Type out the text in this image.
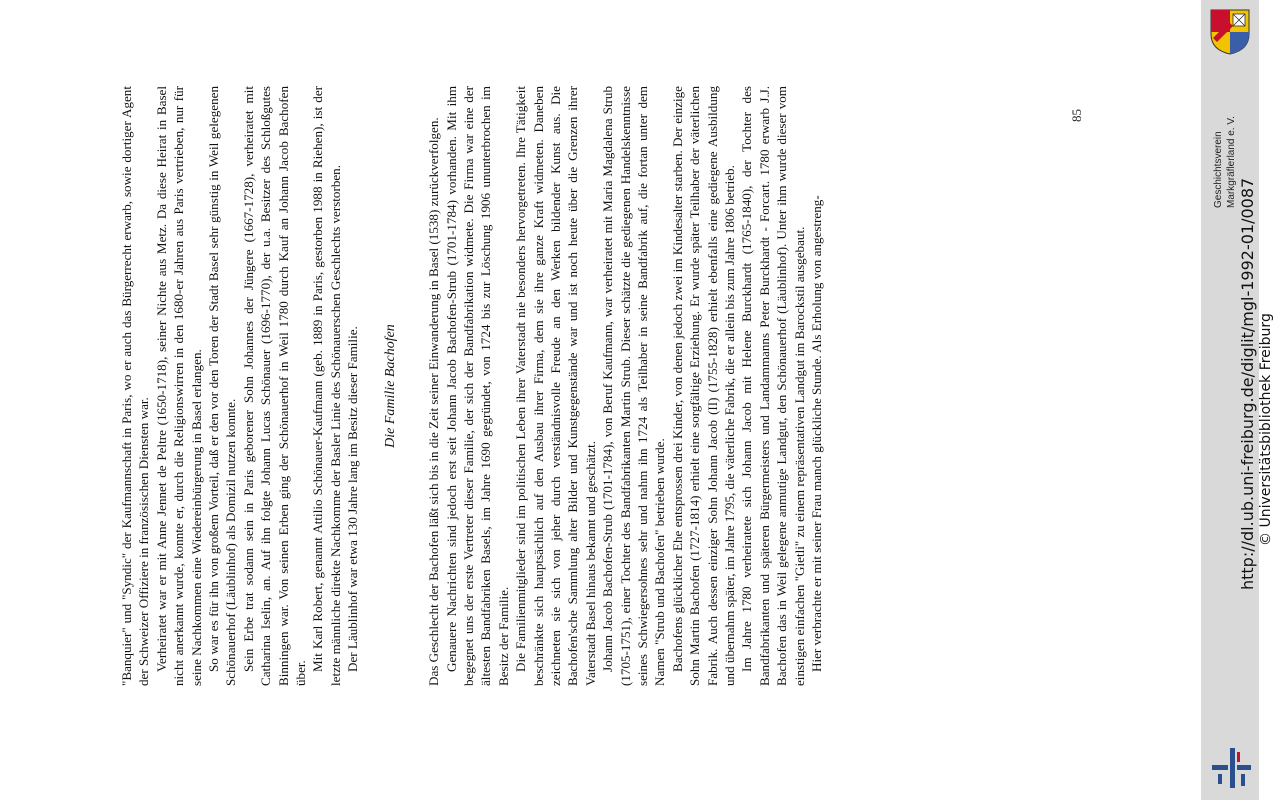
"Banquier" und "Syndic" der Kaufmannschaft in Paris, wo er auch das Bürgerrecht erwarb, sowie dortiger Agent der Schweizer Offiziere in französischen Diensten war. Verheiratet war er mit Anne Jennet de Peltre (1650-1718), seiner Nichte aus Metz. Da diese Heirat in Basel nicht anerkannt wurde, konnte er, durch die Religionswirren in den 1680-er Jahren aus Paris vertrieben, nur für seine Nachkommen eine Wiedereinbürgerung in Basel erlangen. So war es für ihn von großem Vorteil, daß er den vor den Toren der Stadt Basel sehr günstig in Weil gelegenen Schönauerhof (Läublinhof) als Domizil nutzen konnte. Sein Erbe trat sodann sein in Paris geborener Sohn Johannes der Jüngere (1667-1728), verheiratet mit Catharina Iselin, an. Auf ihn folgte Johann Lucas Schönauer (1696-1770), der u.a. Besitzer des Schloßgutes Binningen war. Von seinen Erben ging der Schönauerhof in Weil 1780 durch Kauf an Johann Jacob Bachofen über.

Mit Karl Robert, genannt Attilio Schönauer-Kaufmann (geb. 1889 in Paris, gestorben 1988 in Riehen), ist der letzte männliche direkte Nachkomme der Basler Linie des Schönauerschen Geschlechts verstorben. Der Läublinhof war etwa 130 Jahre lang im Besitz dieser Familie. Die Familie Bachofen Das Geschlecht der Bachofen läßt sich bis in die Zeit seiner Einwanderung in Basel (1538) zurückverfolgen. Genauere Nachrichten sind jedoch erst seit Johann Jacob Bachofen-Strub (1701-1784) vorhanden. Mit ihm begegnet uns der erste Vertreter dieser Familie, der sich der Bandfabrikation widmete. Die Firma war eine der ältesten Bandfabriken Basels, im Jahre 1690 gegründet, von 1724 bis zur Löschung 1906 ununterbrochen im Besitz der Familie. Die Familienmitglieder sind im politischen Leben ihrer Vaterstadt nie besonders hervorgetreten. Ihre Tätigkeit beschränkte sich hauptsächlich auf den Ausbau ihrer Firma, dem sie ihre ganze Kraft widmeten. Daneben zeichneten sie sich von jeher durch verständnisvolle Freude an den Werken bildender Kunst aus. Die Bachofen'sche Sammlung alter Bilder und Kunstgegenstände war und ist noch heute über die Grenzen ihrer Vaterstadt Basel hinaus bekannt und geschätzt. Johann Jacob Bachofen-Strub (1701-1784), von Beruf Kaufmann, war verheiratet mit Maria Magdalena Strub (1705-1751), einer Tochter des Bandfabrikanten Martin Strub. Dieser schätzte die gediegenen Handelskenntnisse seines Schwiegersohnes sehr und nahm ihn 1724 als Teilhaber in seine Bandfabrik auf, die fortan unter dem Namen "Strub und Bachofen" betrieben wurde. Bachofens glücklicher Ehe entsprossen drei Kinder, von denen jedoch zwei im Kindesalter starben. Der einzige Sohn Martin Bachofen (1727-1814) erhielt eine sorgfältige Erziehung. Er wurde später Teilhaber der väterlichen Fabrik. Auch dessen einziger Sohn Johann Jacob (II) (1755-1828) erhielt ebenfalls eine gediegene Ausbildung und übernahm später, im Jahre 1795, die väterliche Fabrik, die er allein bis zum Jahre 1806 betrieb. Im Jahre 1780 verheiratete sich Johann Jacob mit Helene Burckhardt (1765-1840), der Tochter des Bandfabrikanten und späteren Bürgermeisters und Landammanns Peter Burckhardt - Forcart. 1780 erwarb J.J. Bachofen das in Weil gelegene anmutige Landgut, den Schönauerhof (Läublinhof). Unter ihm wurde dieser vom einstigen einfachen "Gietli" zu einem repräsentativen Landgut im Barockstil ausgebaut. Hier verbrachte er mit seiner Frau manch glückliche Stunde. Als Erholung von angestreng-

85
Geschichtsverein Markgräflerland e. V.
http://dl.ub.uni-freiburg.de/diglit/mgl-1992-01/0087 © Universitätsbibliothek Freiburg
